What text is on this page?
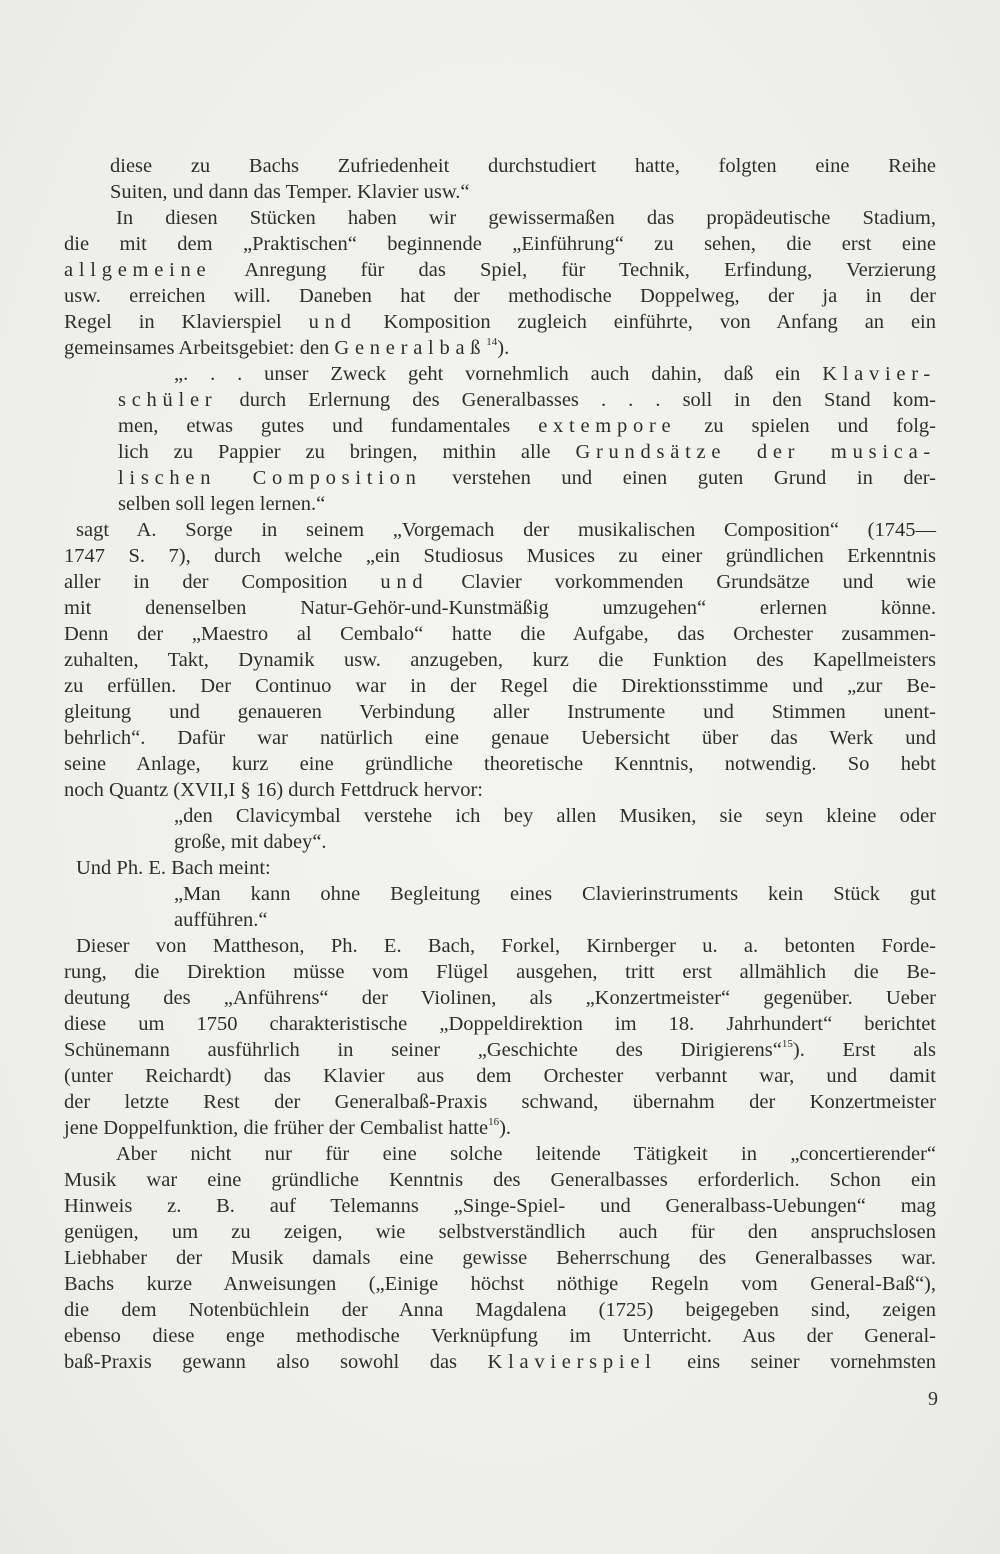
diese zu Bachs Zufriedenheit durchstudiert hatte, folgten eine Reihe
Suiten, und dann das Temper. Klavier usw.“
In diesen Stücken haben wir gewissermaßen das propädeutische Stadium,
die mit dem „Praktischen“ beginnende „Einführung“ zu sehen, die erst eine
allgemeine Anregung für das Spiel, für Technik, Erfindung, Verzierung
usw. erreichen will. Daneben hat der methodische Doppelweg, der ja in der
Regel in Klavierspiel und Komposition zugleich einführte, von Anfang an ein
gemeinsames Arbeitsgebiet: den Generalbaß$^{14}$).
„. . . unser Zweck geht vornehmlich auch dahin, daß ein Klavier-
schüler durch Erlernung des Generalbasses . . . soll in den Stand kom-
men, etwas gutes und fundamentales extempore zu spielen und folg-
lich zu Pappier zu bringen, mithin alle Grundsätze der musica-
lischen Composition verstehen und einen guten Grund in der-
selben soll legen lernen.“
sagt A. Sorge in seinem „Vorgemach der musikalischen Composition“ (1745—
1747 S. 7), durch welche „ein Studiosus Musices zu einer gründlichen Erkenntnis
aller in der Composition und Clavier vorkommenden Grundsätze und wie
mit denenselben Natur-Gehör-und-Kunstmäßig umzugehen“ erlernen könne.
Denn der „Maestro al Cembalo“ hatte die Aufgabe, das Orchester zusammen-
zuhalten, Takt, Dynamik usw. anzugeben, kurz die Funktion des Kapellmeisters
zu erfüllen. Der Continuo war in der Regel die Direktionsstimme und „zur Be-
gleitung und genaueren Verbindung aller Instrumente und Stimmen unent-
behrlich“. Dafür war natürlich eine genaue Uebersicht über das Werk und
seine Anlage, kurz eine gründliche theoretische Kenntnis, notwendig. So hebt
noch Quantz (XVII,I § 16) durch Fettdruck hervor:
„den Clavicymbal verstehe ich bey allen Musiken, sie seyn kleine oder
große, mit dabey“.
Und Ph. E. Bach meint:
„Man kann ohne Begleitung eines Clavierinstruments kein Stück gut
aufführen.“
Dieser von Mattheson, Ph. E. Bach, Forkel, Kirnberger u. a. betonten Forde-
rung, die Direktion müsse vom Flügel ausgehen, tritt erst allmählich die Be-
deutung des „Anführens“ der Violinen, als „Konzertmeister“ gegenüber. Ueber
diese um 1750 charakteristische „Doppeldirektion im 18. Jahrhundert“ berichtet
Schünemann ausführlich in seiner „Geschichte des Dirigierens“$^{15}$). Erst als
(unter Reichardt) das Klavier aus dem Orchester verbannt war, und damit
der letzte Rest der Generalbaß-Praxis schwand, übernahm der Konzertmeister
jene Doppelfunktion, die früher der Cembalist hatte$^{16}$).
Aber nicht nur für eine solche leitende Tätigkeit in „concertierender“
Musik war eine gründliche Kenntnis des Generalbasses erforderlich. Schon ein
Hinweis z. B. auf Telemanns „Singe-Spiel- und Generalbass-Uebungen“ mag
genügen, um zu zeigen, wie selbstverständlich auch für den anspruchslosen
Liebhaber der Musik damals eine gewisse Beherrschung des Generalbasses war.
Bachs kurze Anweisungen („Einige höchst nöthige Regeln vom General-Baß“),
die dem Notenbüchlein der Anna Magdalena (1725) beigegeben sind, zeigen
ebenso diese enge methodische Verknüpfung im Unterricht. Aus der General-
baß-Praxis gewann also sowohl das Klavierspiel eins seiner vornehmsten
9
